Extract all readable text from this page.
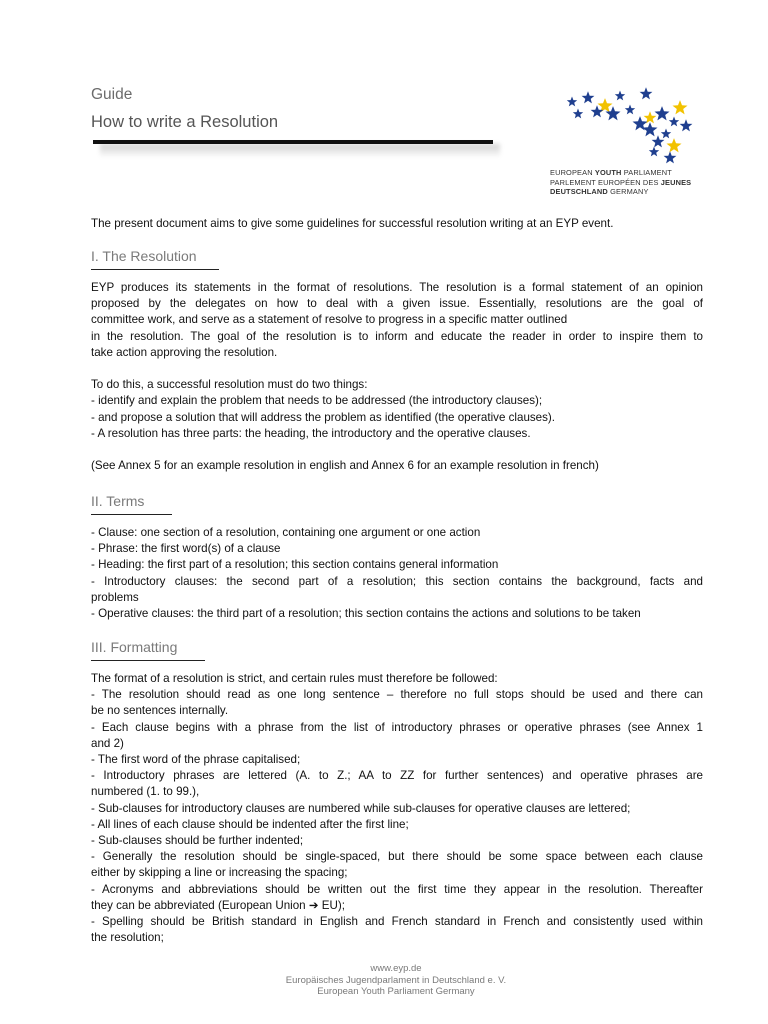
Guide
How to write a Resolution
EUROPEAN YOUTH PARLIAMENT
PARLEMENT EUROPÉEN DES JEUNES
DEUTSCHLAND GERMANY
The present document aims to give some guidelines for successful resolution writing at an EYP event.
I. The Resolution

EYP produces its statements in the format of resolutions. The resolution is a formal statement of an opinion

proposed by the delegates on how to deal with a given issue. Essentially, resolutions are the goal of

committee work, and serve as a statement of resolve to progress in a specific matter outlined

in the resolution. The goal of the resolution is to inform and educate the reader in order to inspire them to

take action approving the resolution.

To do this, a successful resolution must do two things:

- identify and explain the problem that needs to be addressed (the introductory clauses);

- and propose a solution that will address the problem as identified (the operative clauses).

- A resolution has three parts: the heading, the introductory and the operative clauses.

(See Annex 5 for an example resolution in english and Annex 6 for an example resolution in french)

II. Terms

- Clause: one section of a resolution, containing one argument or one action

- Phrase: the first word(s) of a clause

- Heading: the first part of a resolution; this section contains general information

- Introductory clauses: the second part of a resolution; this section contains the background, facts and

problems

- Operative clauses: the third part of a resolution; this section contains the actions and solutions to be taken

III. Formatting

The format of a resolution is strict, and certain rules must therefore be followed:

- The resolution should read as one long sentence – therefore no full stops should be used and there can

be no sentences internally.

- Each clause begins with a phrase from the list of introductory phrases or operative phrases (see Annex 1

and 2)

- The first word of the phrase capitalised;

- Introductory phrases are lettered (A. to Z.; AA to ZZ for further sentences) and operative phrases are

numbered (1. to 99.),

- Sub-clauses for introductory clauses are numbered while sub-clauses for operative clauses are lettered;

- All lines of each clause should be indented after the first line;

- Sub-clauses should be further indented;

- Generally the resolution should be single-spaced, but there should be some space between each clause

either by skipping a line or increasing the spacing;

- Acronyms and abbreviations should be written out the first time they appear in the resolution. Thereafter

they can be abbreviated (European Union ➔ EU);

- Spelling should be British standard in English and French standard in French and consistently used within

the resolution;

www.eyp.de
Europäisches Jugendparlament in Deutschland e. V.
European Youth Parliament Germany
